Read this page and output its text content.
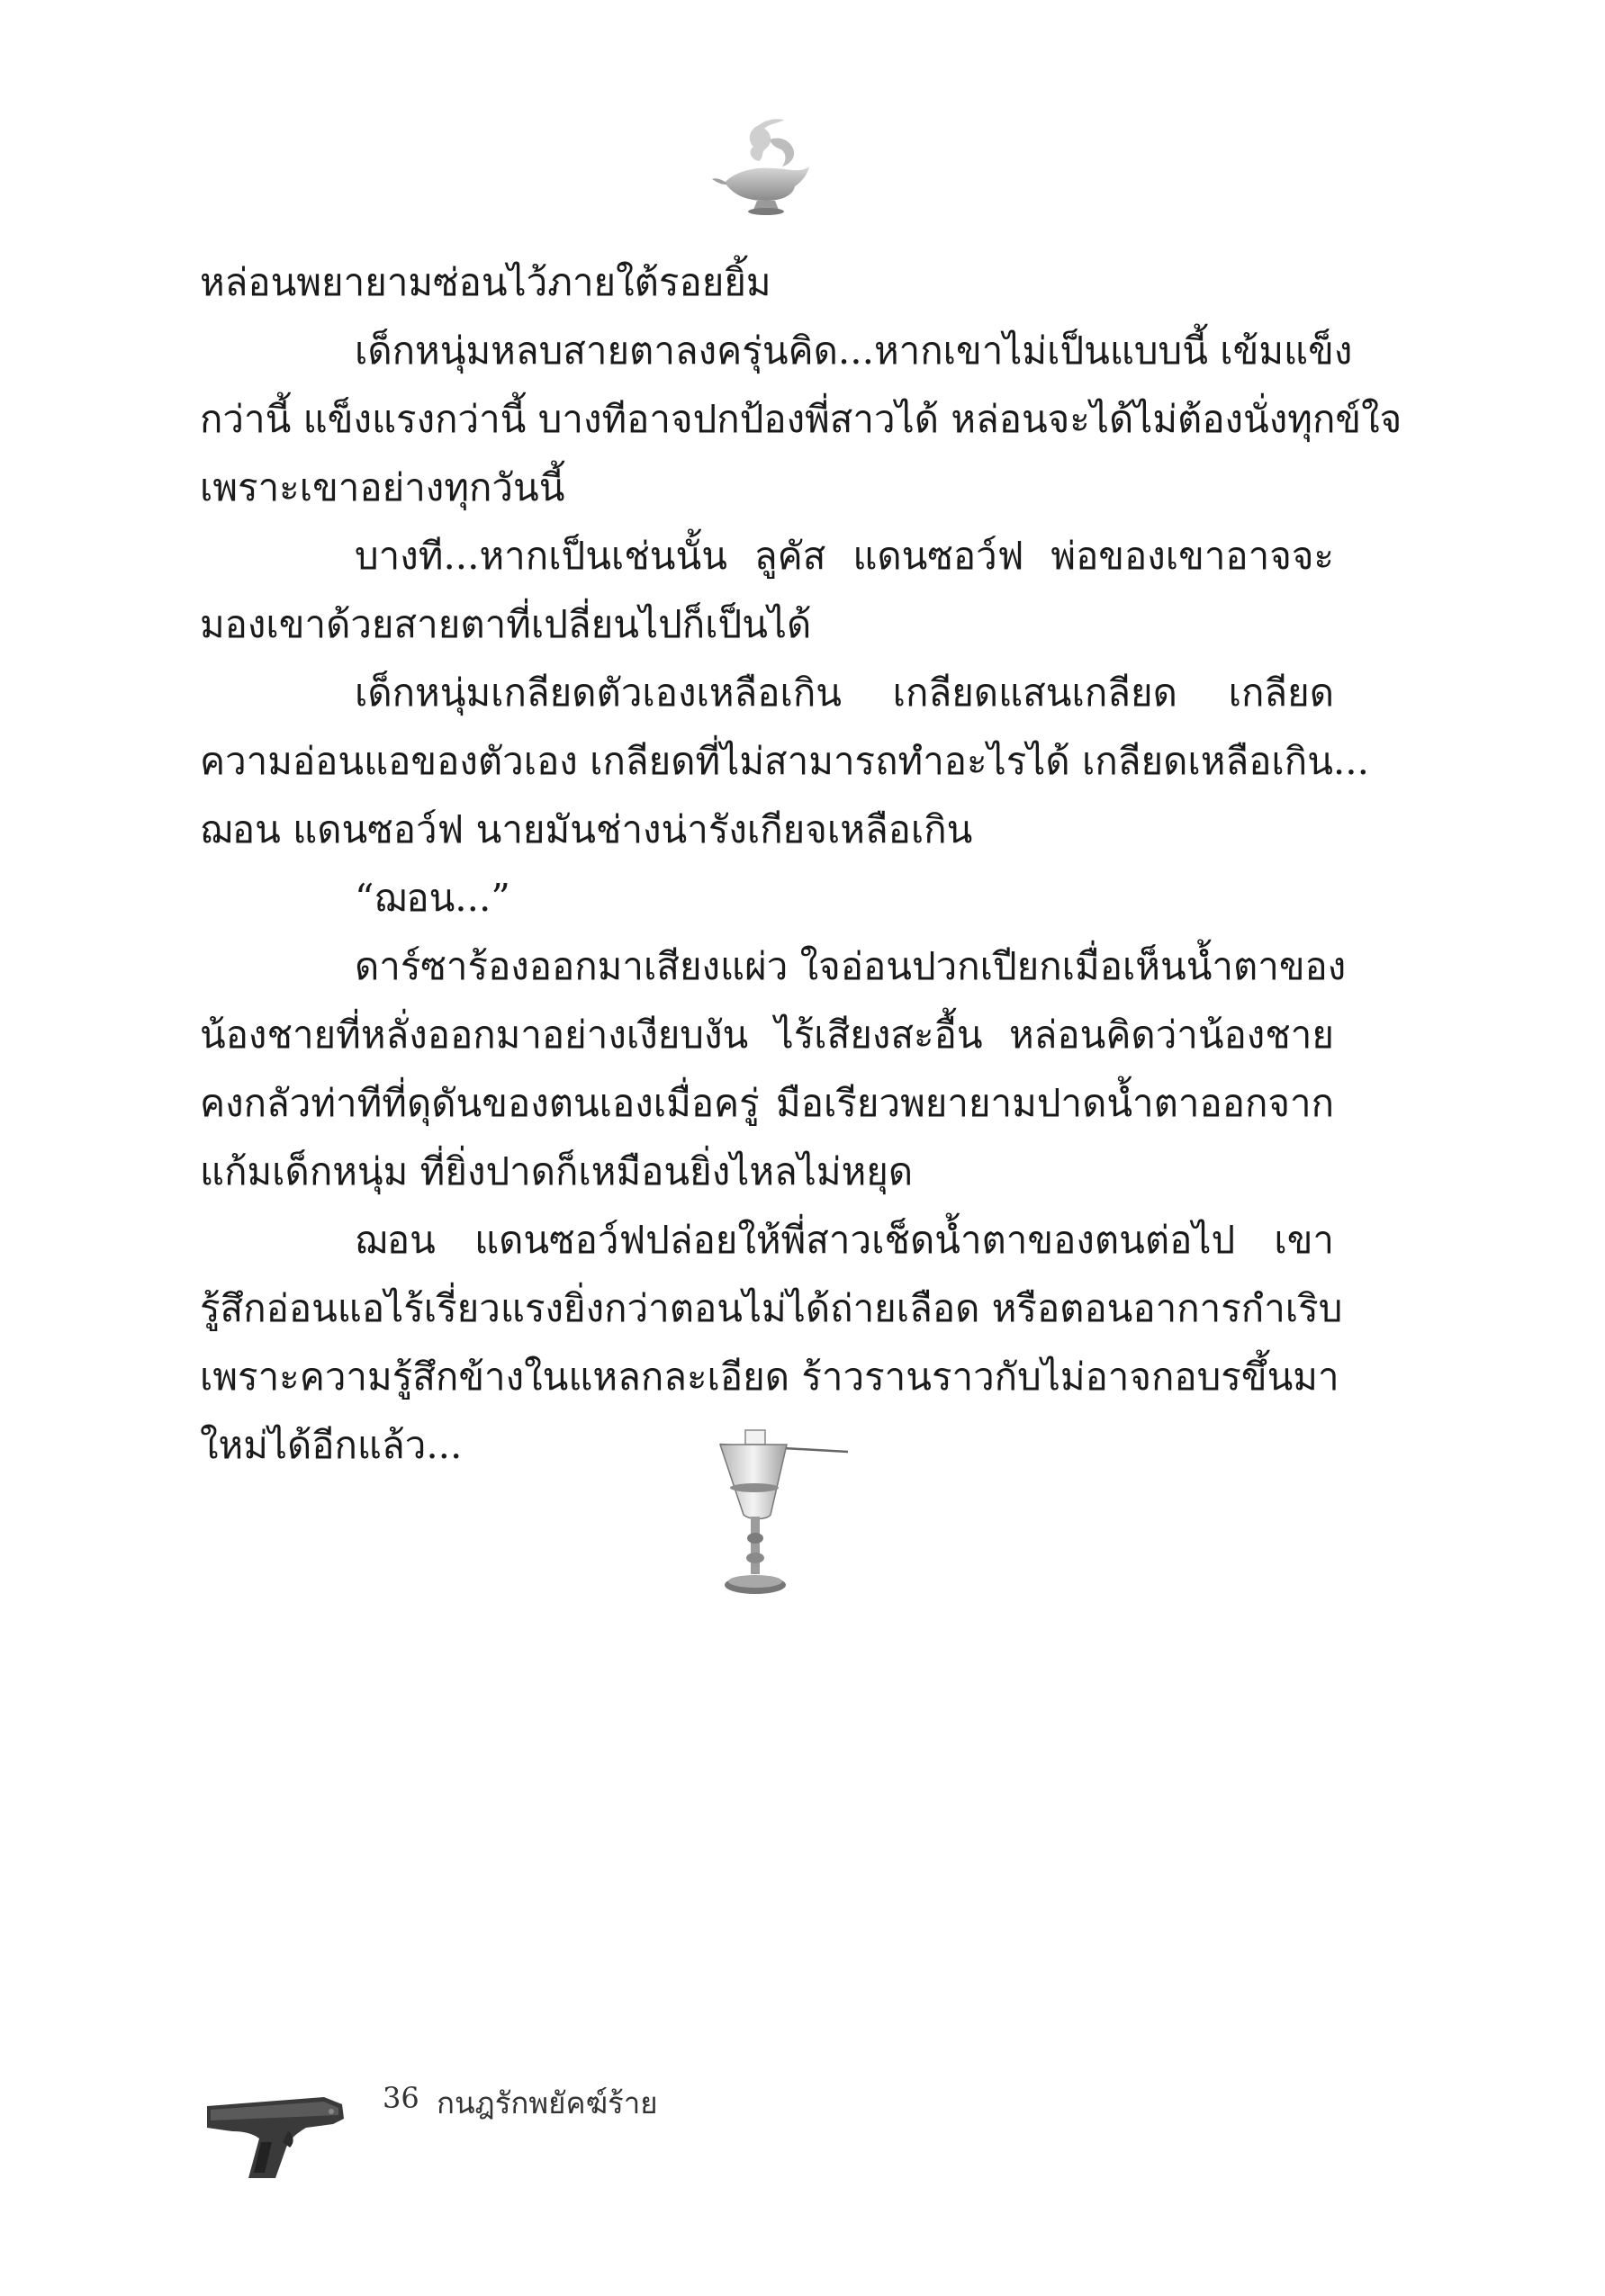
หล่อนพยายามซ่อนไว้ภายใต้รอยยิ้ม
เด็กหนุ่มหลบสายตาลงครุ่นคิด...หากเขาไม่เป็นแบบนี้ เข้มแข็ง
กว่านี้ แข็งแรงกว่านี้ บางทีอาจปกป้องพี่สาวได้ หล่อนจะได้ไม่ต้องนั่งทุกข์ใจ
เพราะเขาอย่างทุกวันนี้
บางที...หากเป็นเช่นนั้น ลูคัส แดนซอว์ฟ พ่อของเขาอาจจะ
มองเขาด้วยสายตาที่เปลี่ยนไปก็เป็นได้
เด็กหนุ่มเกลียดตัวเองเหลือเกิน เกลียดแสนเกลียด เกลียด
ความอ่อนแอของตัวเอง เกลียดที่ไม่สามารถทำอะไรได้ เกลียดเหลือเกิน...
ฌอน แดนซอว์ฟ นายมันช่างน่ารังเกียจเหลือเกิน
“ฌอน...”
ดาร์ซาร้องออกมาเสียงแผ่ว ใจอ่อนปวกเปียกเมื่อเห็นน้ำตาของ
น้องชายที่หลั่งออกมาอย่างเงียบงัน ไร้เสียงสะอื้น หล่อนคิดว่าน้องชาย
คงกลัวท่าทีที่ดุดันของตนเองเมื่อครู่ มือเรียวพยายามปาดน้ำตาออกจาก
แก้มเด็กหนุ่ม ที่ยิ่งปาดก็เหมือนยิ่งไหลไม่หยุด
ฌอน แดนซอว์ฟปล่อยให้พี่สาวเช็ดน้ำตาของตนต่อไป เขา
รู้สึกอ่อนแอไร้เรี่ยวแรงยิ่งกว่าตอนไม่ได้ถ่ายเลือด หรือตอนอาการกำเริบ
เพราะความรู้สึกข้างในแหลกละเอียด ร้าวรานราวกับไม่อาจกอบรขึ้นมา
ใหม่ได้อีกแล้ว...
36 กนฎรักพยัคฆ์ร้าย
